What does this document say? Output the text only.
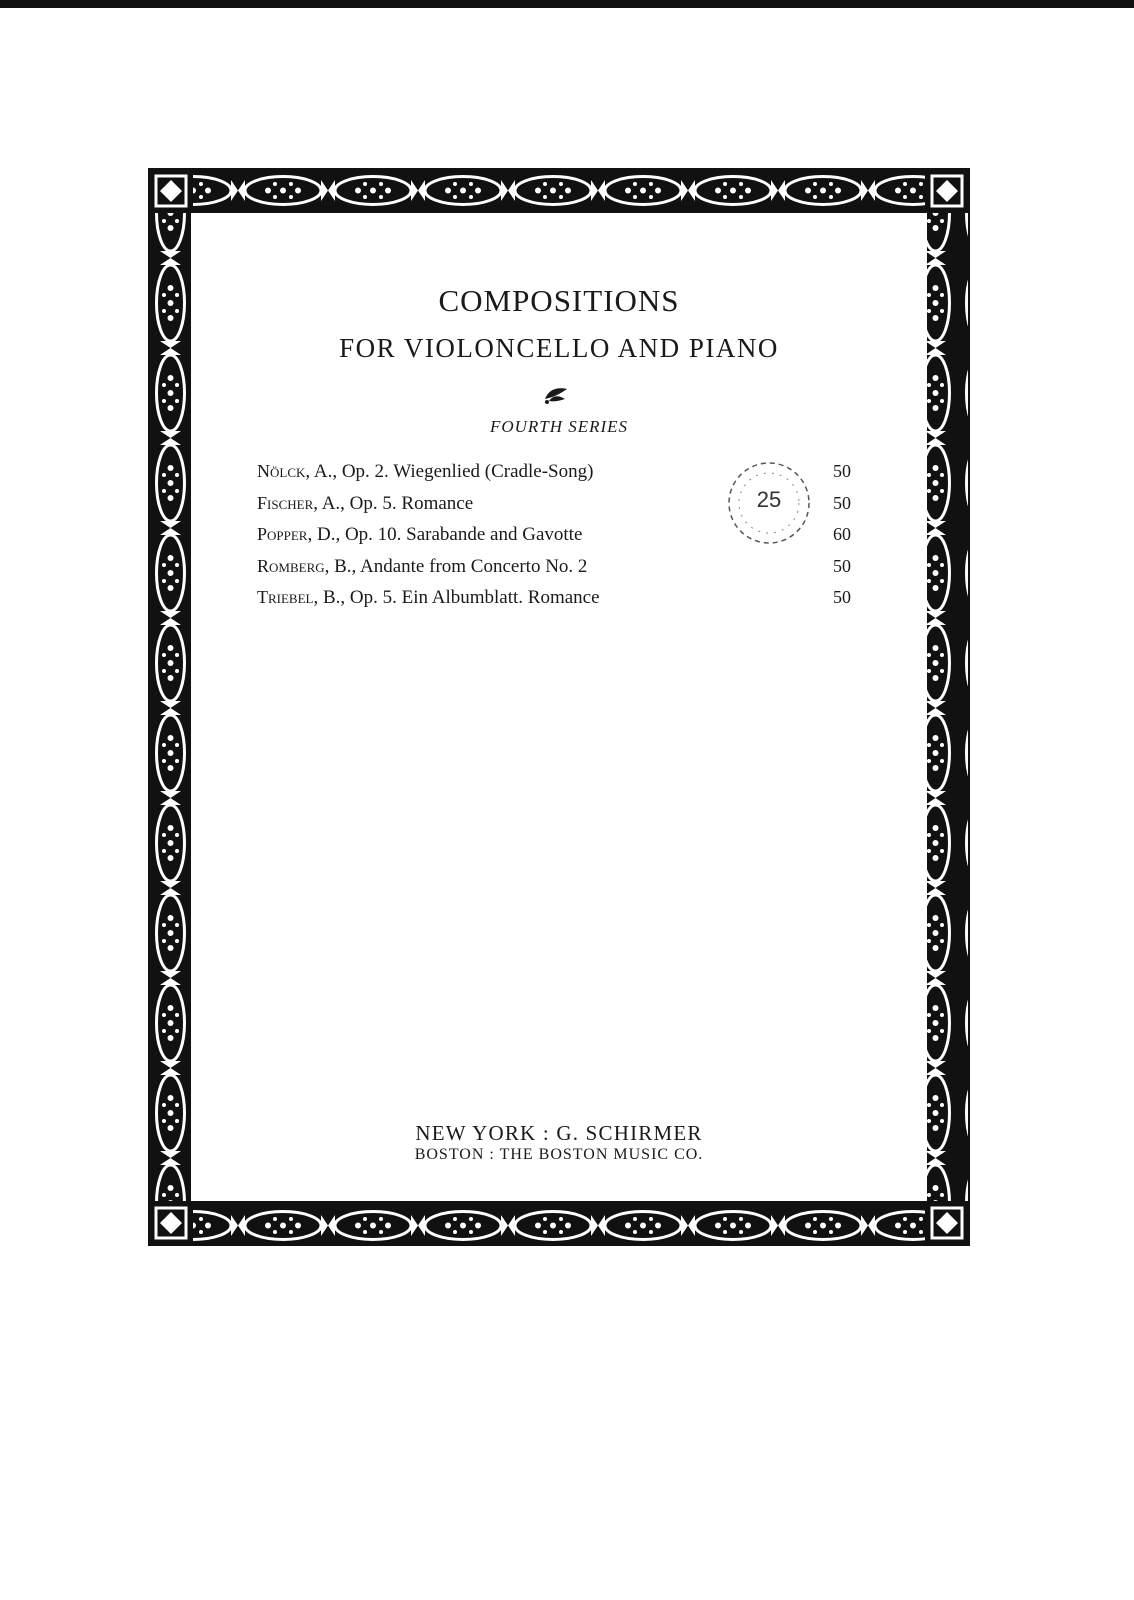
COMPOSITIONS
FOR VIOLONCELLO AND PIANO
FOURTH SERIES
Nölck, A., Op. 2. Wiegenlied (Cradle-Song)	50
Fischer, A., Op. 5. Romance	50
Popper, D., Op. 10. Sarabande and Gavotte	60
Romberg, B., Andante from Concerto No. 2	50
Triebel, B., Op. 5. Ein Albumblatt. Romance	50
25
NEW YORK : G. SCHIRMER
BOSTON : THE BOSTON MUSIC CO.
